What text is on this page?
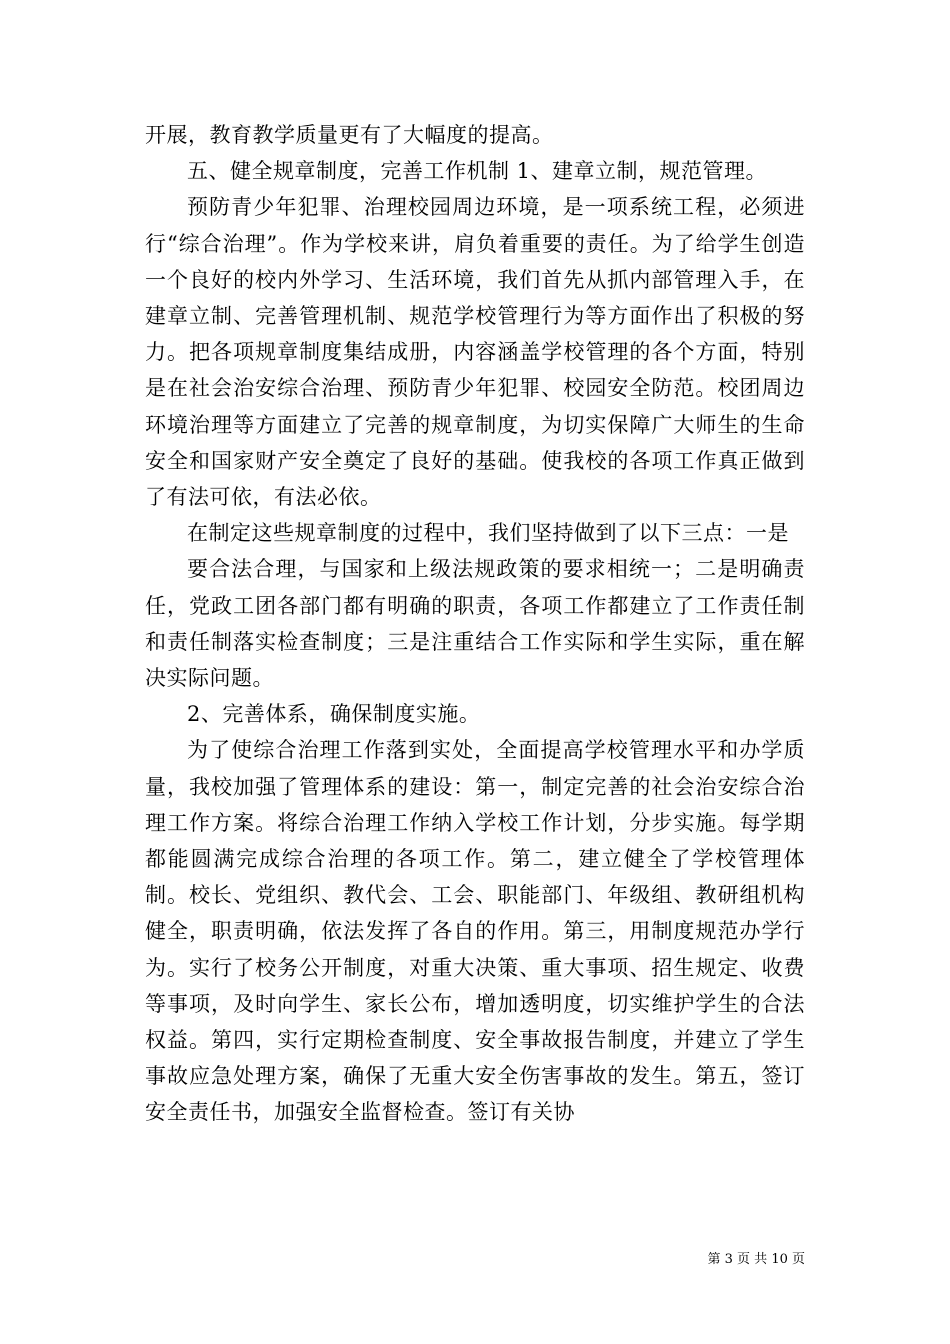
开展，教育教学质量更有了大幅度的提高。

五、健全规章制度，完善工作机制 1、建章立制，规范管理。

预防青少年犯罪、治理校园周边环境，是一项系统工程，必须进行“综合治理”。作为学校来讲，肩负着重要的责任。为了给学生创造一个良好的校内外学习、生活环境，我们首先从抓内部管理入手，在建章立制、完善管理机制、规范学校管理行为等方面作出了积极的努力。把各项规章制度集结成册，内容涵盖学校管理的各个方面，特别是在社会治安综合治理、预防青少年犯罪、校园安全防范。校团周边环境治理等方面建立了完善的规章制度，为切实保障广大师生的生命安全和国家财产安全奠定了良好的基础。使我校的各项工作真正做到了有法可依，有法必依。

在制定这些规章制度的过程中，我们坚持做到了以下三点：一是

要合法合理，与国家和上级法规政策的要求相统一；二是明确责任，党政工团各部门都有明确的职责，各项工作都建立了工作责任制和责任制落实检查制度；三是注重结合工作实际和学生实际，重在解决实际问题。

2、完善体系，确保制度实施。

为了使综合治理工作落到实处，全面提高学校管理水平和办学质量，我校加强了管理体系的建设：第一，制定完善的社会治安综合治理工作方案。将综合治理工作纳入学校工作计划，分步实施。每学期都能圆满完成综合治理的各项工作。第二，建立健全了学校管理体制。校长、党组织、教代会、工会、职能部门、年级组、教研组机构健全，职责明确，依法发挥了各自的作用。第三，用制度规范办学行为。实行了校务公开制度，对重大决策、重大事项、招生规定、收费等事项，及时向学生、家长公布，增加透明度，切实维护学生的合法权益。第四，实行定期检查制度、安全事故报告制度，并建立了学生事故应急处理方案，确保了无重大安全伤害事故的发生。第五，签订安全责任书，加强安全监督检查。签订有关协

第 3 页 共 10 页
